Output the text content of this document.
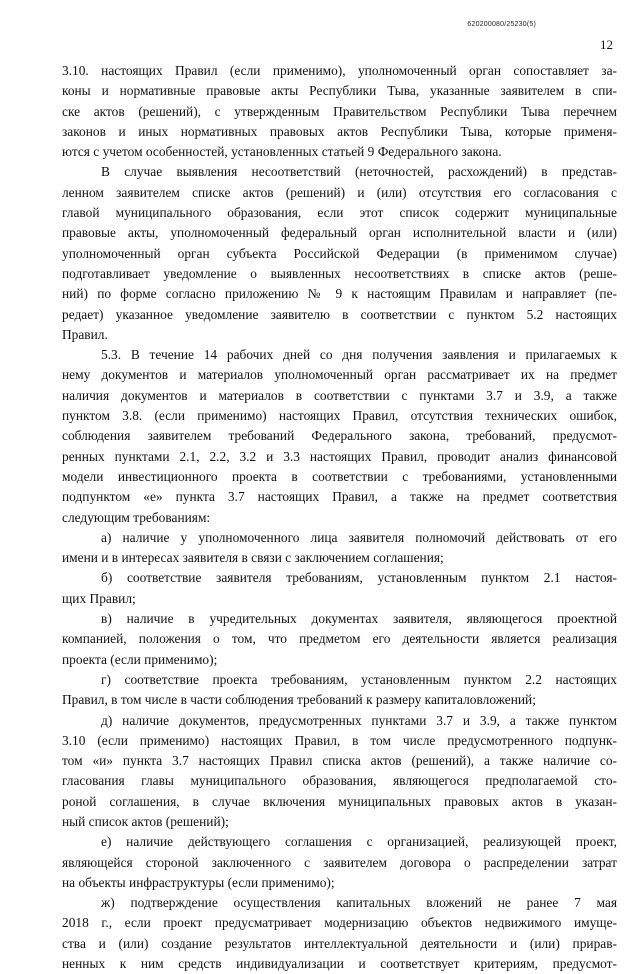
620200080/25230(5)
12
3.10. настоящих Правил (если применимо), уполномоченный орган сопоставляет за-
коны и нормативные правовые акты Республики Тыва, указанные заявителем в спи-
ске актов (решений), с утвержденным Правительством Республики Тыва перечнем
законов и иных нормативных правовых актов Республики Тыва, которые применя-
ются с учетом особенностей, установленных статьей 9 Федерального закона.
В случае выявления несоответствий (неточностей, расхождений) в представ-
ленном заявителем списке актов (решений) и (или) отсутствия его согласования с
главой муниципального образования, если этот список содержит муниципальные
правовые акты, уполномоченный федеральный орган исполнительной власти и (или)
уполномоченный орган субъекта Российской Федерации (в применимом случае)
подготавливает уведомление о выявленных несоответствиях в списке актов (реше-
ний) по форме согласно приложению № 9 к настоящим Правилам и направляет (пе-
редает) указанное уведомление заявителю в соответствии с пунктом 5.2 настоящих
Правил.
5.3. В течение 14 рабочих дней со дня получения заявления и прилагаемых к
нему документов и материалов уполномоченный орган рассматривает их на предмет
наличия документов и материалов в соответствии с пунктами 3.7 и 3.9, а также
пунктом 3.8. (если применимо) настоящих Правил, отсутствия технических ошибок,
соблюдения заявителем требований Федерального закона, требований, предусмот-
ренных пунктами 2.1, 2.2, 3.2 и 3.3 настоящих Правил, проводит анализ финансовой
модели инвестиционного проекта в соответствии с требованиями, установленными
подпунктом «е» пункта 3.7 настоящих Правил, а также на предмет соответствия
следующим требованиям:
а) наличие у уполномоченного лица заявителя полномочий действовать от его
имени и в интересах заявителя в связи с заключением соглашения;
б) соответствие заявителя требованиям, установленным пунктом 2.1 настоя-
щих Правил;
в) наличие в учредительных документах заявителя, являющегося проектной
компанией, положения о том, что предметом его деятельности является реализация
проекта (если применимо);
г) соответствие проекта требованиям, установленным пунктом 2.2 настоящих
Правил, в том числе в части соблюдения требований к размеру капиталовложений;
д) наличие документов, предусмотренных пунктами 3.7 и 3.9, а также пунктом
3.10 (если применимо) настоящих Правил, в том числе предусмотренного подпунк-
том «и» пункта 3.7 настоящих Правил списка актов (решений), а также наличие со-
гласования главы муниципального образования, являющегося предполагаемой сто-
роной соглашения, в случае включения муниципальных правовых актов в указан-
ный список актов (решений);
е) наличие действующего соглашения с организацией, реализующей проект,
являющейся стороной заключенного с заявителем договора о распределении затрат
на объекты инфраструктуры (если применимо);
ж) подтверждение осуществления капитальных вложений не ранее 7 мая
2018 г., если проект предусматривает модернизацию объектов недвижимого имуще-
ства и (или) создание результатов интеллектуальной деятельности и (или) прирав-
ненных к ним средств индивидуализации и соответствует критериям, предусмот-
